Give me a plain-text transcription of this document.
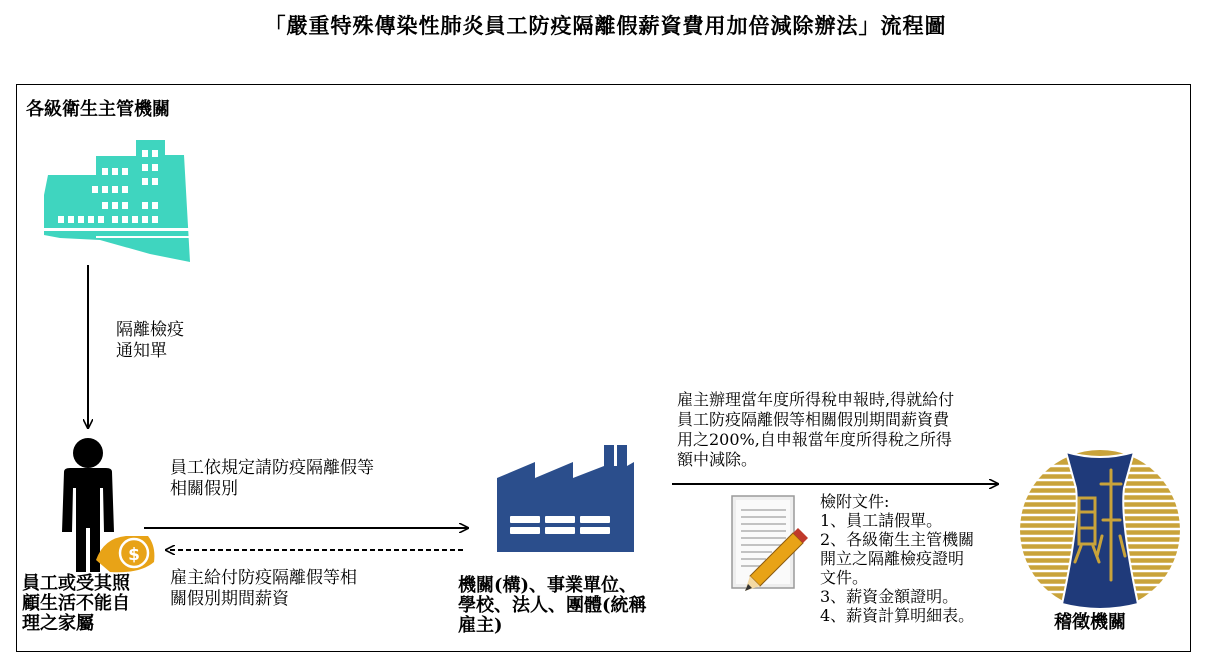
「嚴重特殊傳染性肺炎員工防疫隔離假薪資費用加倍減除辦法」流程圖
$
各級衛生主管機關
員工或受其照
顧生活不能自
理之家屬
機關(構)、事業單位、
學校、法人、團體(統稱
雇主)	稽徵機關
隔離檢疫
通知單
員工依規定請防疫隔離假等
相關假別
雇主給付防疫隔離假等相
關假別期間薪資
雇主辦理當年度所得稅申報時,得就給付
員工防疫隔離假等相關假別期間薪資費
用之200%,自申報當年度所得稅之所得
額中減除。
檢附文件:
1、員工請假單。
2、各級衛生主管機關
開立之隔離檢疫證明
文件。
3、薪資金額證明。
4、薪資計算明細表。
